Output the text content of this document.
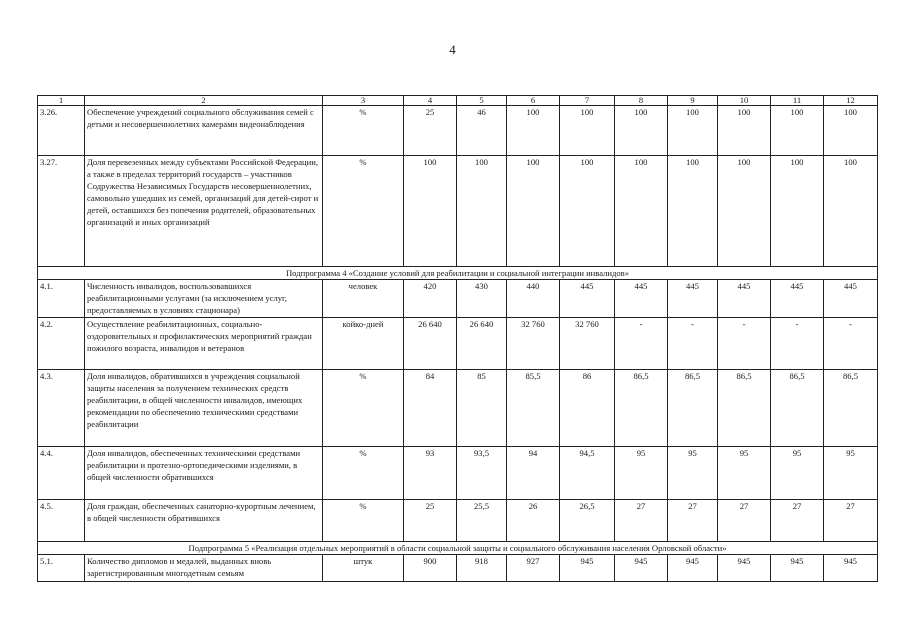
4
1	2	3	4	5	6	7	8	9	10	11	12
3.26.	Обеспечение учреждений социального обслуживания семей с детьми и несовершеннолетних камерами видеонаблюдения	%	25	46	100	100	100	100	100	100	100
3.27.	Доля перевезенных между субъектами Российской Федерации, а также в пределах территорий государств – участников Содружества Независимых Государств несовершеннолетних, самовольно ушедших из семей, организаций для детей-сирот и детей, оставшихся без попечения родителей, образовательных организаций и иных организаций	%	100	100	100	100	100	100	100	100	100
Подпрограмма 4 «Создание условий для реабилитации и социальной интеграции инвалидов»											
4.1.	Численность инвалидов, воспользовавшихся реабилитационными услугами (за исключением услуг, предоставляемых в условиях стационара)	человек	420	430	440	445	445	445	445	445	445
4.2.	Осуществление реабилитационных, социально-оздоровительных и профилактических мероприятий граждан пожилого возраста, инвалидов и ветеранов	койко-дней	26 640	26 640	32 760	32 760	-	-	-	-	-
4.3.	Доля инвалидов, обратившихся в учреждения социальной защиты населения за получением технических средств реабилитации, в общей численности инвалидов, имеющих рекомендации по обеспечению техническими средствами реабилитации	%	84	85	85,5	86	86,5	86,5	86,5	86,5	86,5
4.4.	Доля инвалидов, обеспеченных техническими средствами реабилитации и протезно-ортопедическими изделиями, в общей численности обратившихся	%	93	93,5	94	94,5	95	95	95	95	95
4.5.	Доля граждан, обеспеченных санаторно-курортным лечением, в общей численности обратившихся	%	25	25,5	26	26,5	27	27	27	27	27
Подпрограмма 5 «Реализация отдельных мероприятий в области социальной защиты и социального обслуживания населения Орловской области»											
5.1.	Количество дипломов и медалей, выданных вновь зарегистрированным многодетным семьям	штук	900	918	927	945	945	945	945	945	945
